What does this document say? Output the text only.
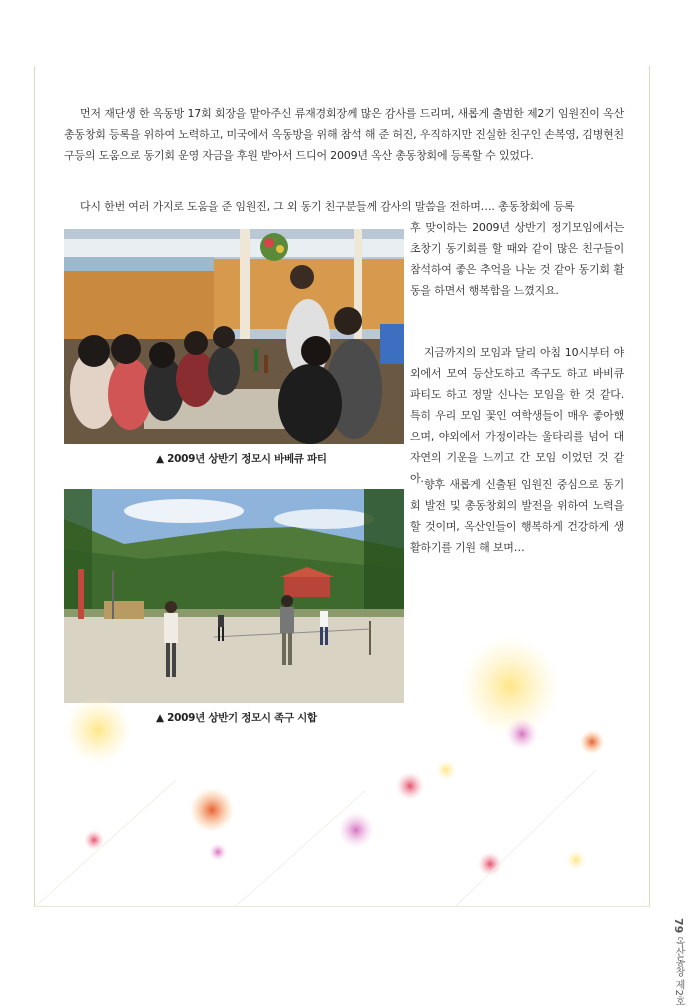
먼저 재단생 한 옥동방 17회 회장을 맡아주신 류재경회장께 많은 감사를 드리며, 새롭게 출범한 제2기 임원진이 옥산총동창회 등록을 위하여 노력하고, 미국에서 옥동방을 위해 참석 해 준 허진, 우직하지만 진실한 친구인 손복영, 김병현친구등의 도움으로 동기회 운영 자금을 후원 받아서 드디어 2009년 옥산 총동창회에 등록할 수 있었다.

다시 한번 여러 가지로 도움을 준 임원진, 그 외 동기 친구분들께 감사의 말씀을 전하며…. 총동창회에 등록

후 맞이하는 2009년 상반기 정기모임에서는 초창기 동기회를 할 때와 같이 많은 친구들이 참석하여 좋은 추억을 나눈 것 같아 동기회 활동을 하면서 행복함을 느꼈지요.

지금까지의 모임과 달리 아침 10시부터 야외에서 모여 등산도하고 족구도 하고 바비큐 파티도 하고 정말 신나는 모임을 한 것 같다. 특히 우리 모임 꽃인 여학생들이 매우 좋아했으며, 야외에서 가정이라는 울타리를 넘어 대자연의 기운을 느끼고 간 모임 이었던 것 같아. 향후 새롭게 신출된 임원진 중심으로 동기회 발전 및 총동창회의 발전을 위하여 노력을 할 것이며, 옥산인들이 행복하게 건강하게 생활하기를 기원 해 보며…

▲ 2009년 상반기 정모시 바베큐 파티
▲ 2009년 상반기 정모시 족구 시합
79 옥산동창 제2호
